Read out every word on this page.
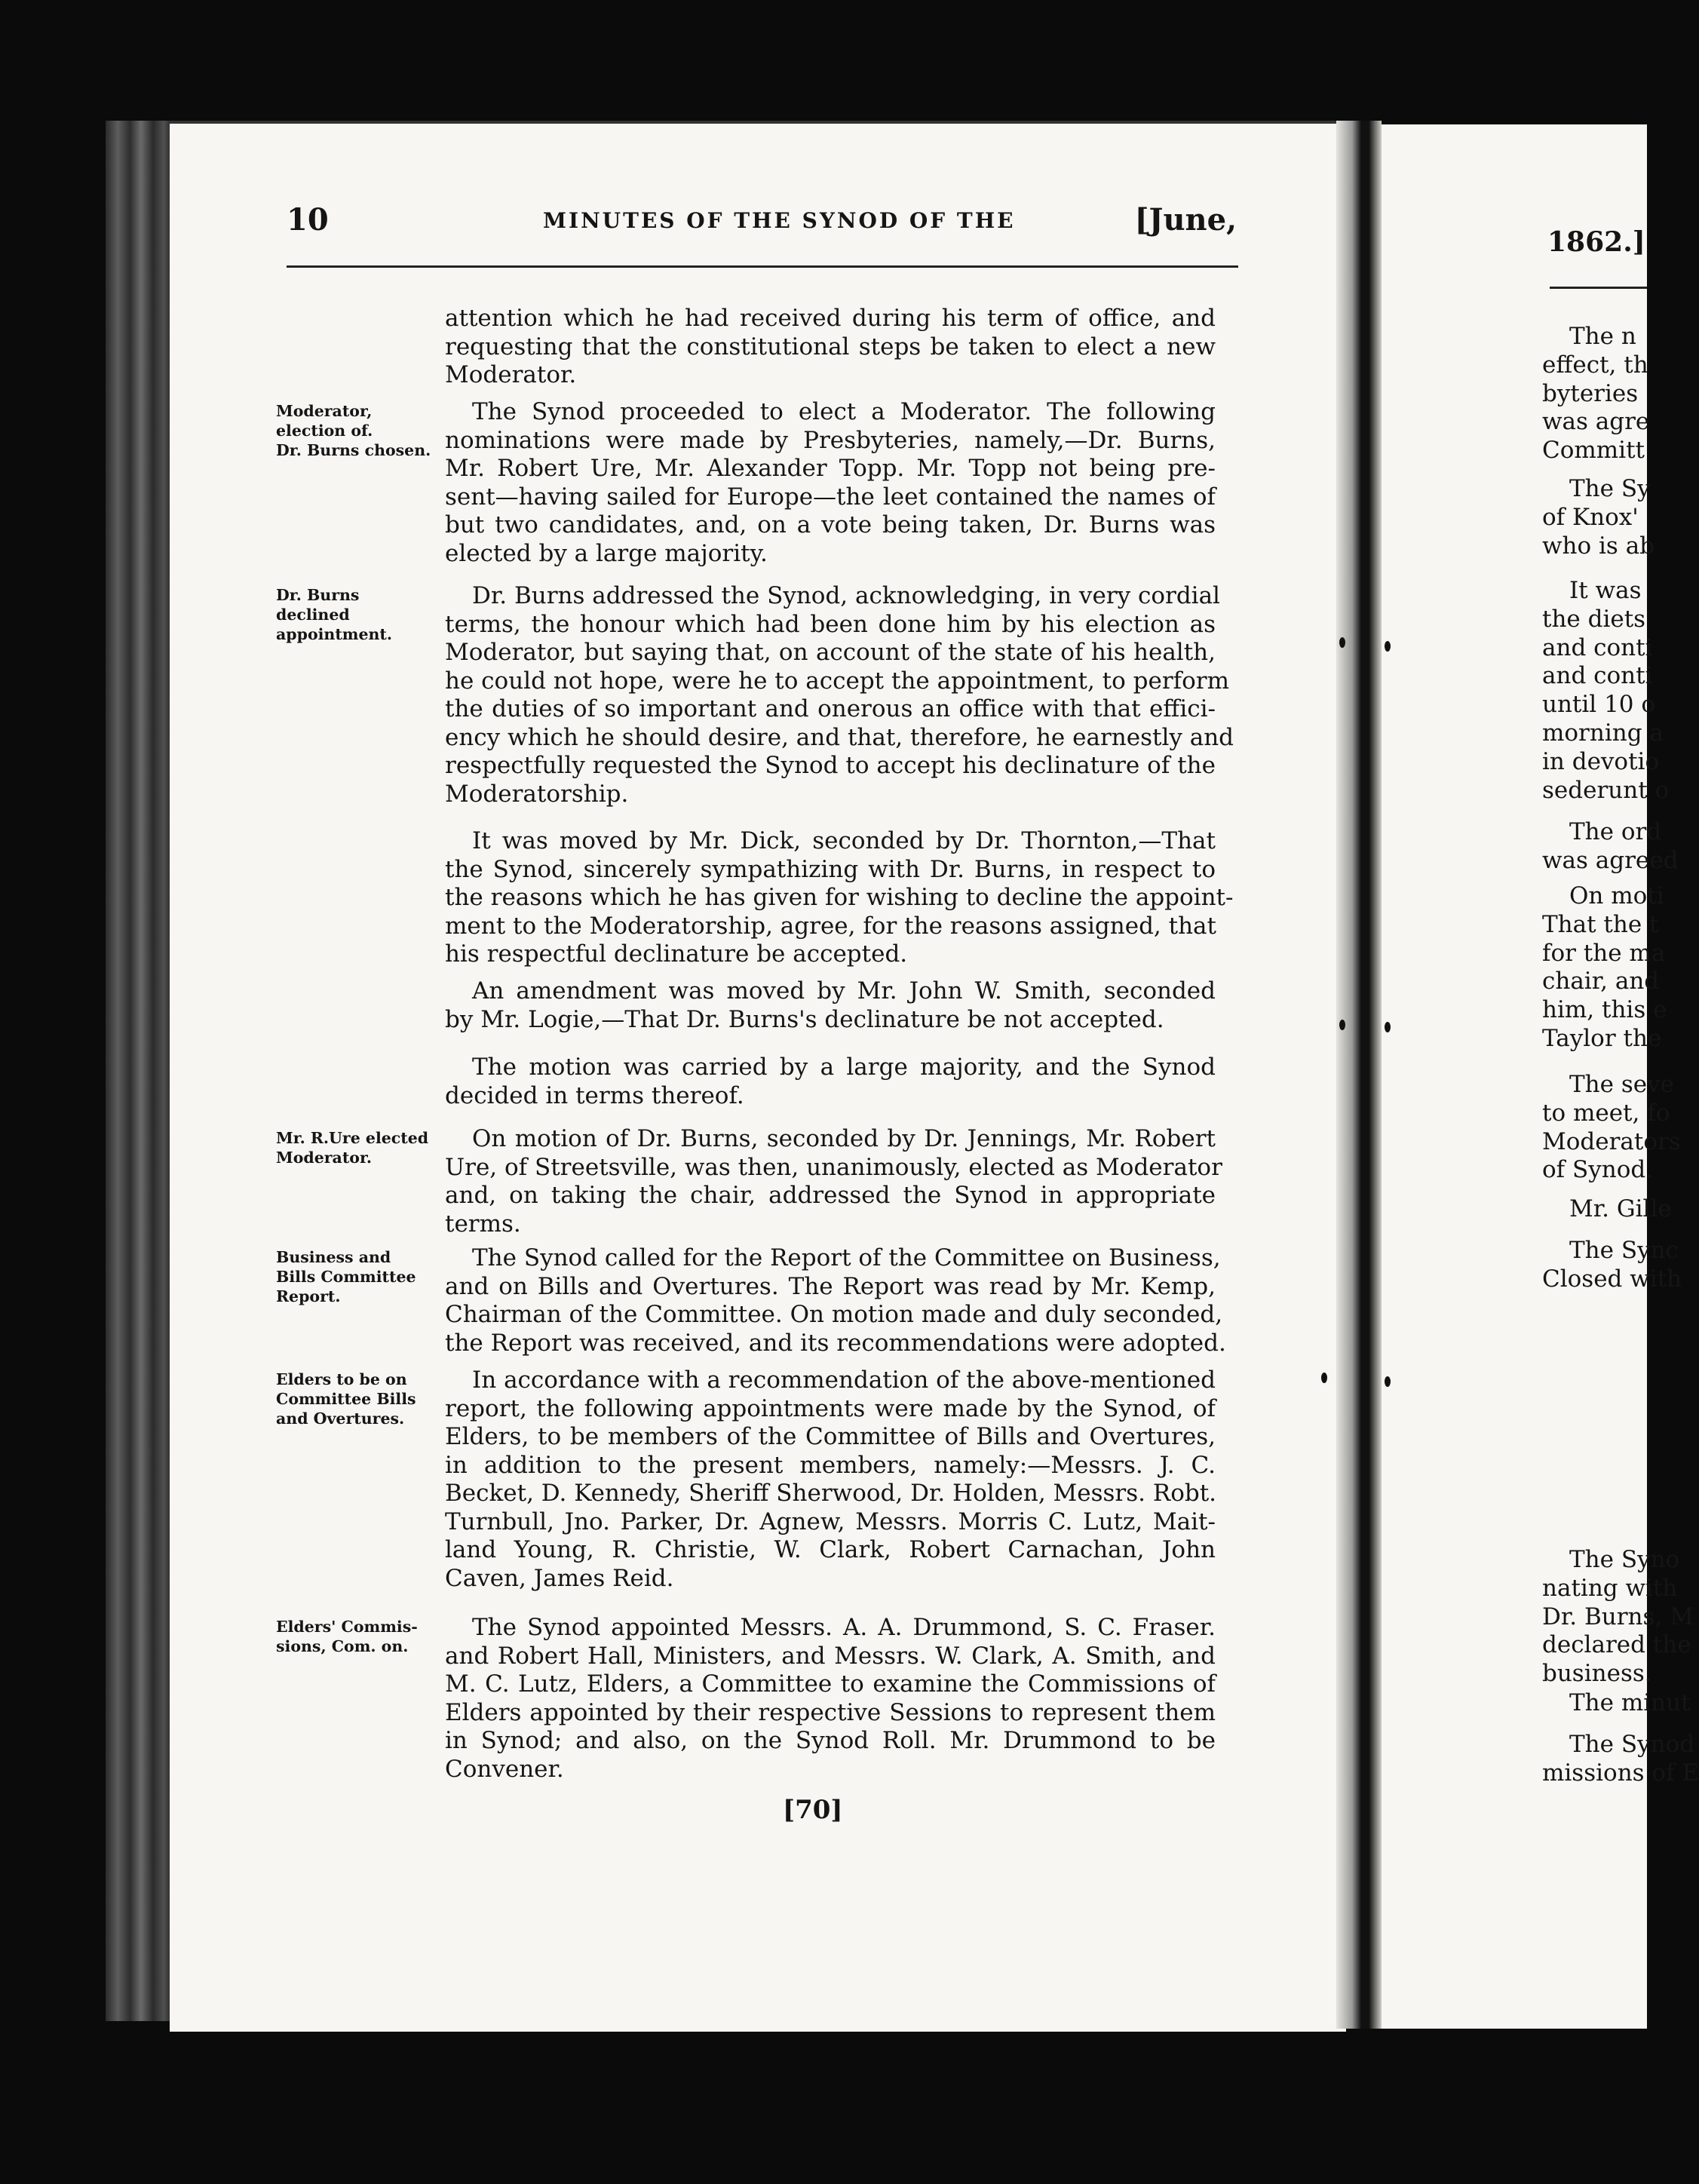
10	MINUTES OF THE SYNOD OF THE	[June,
attention which he had received during his term of office, and
requesting that the constitutional steps be taken to elect a new
Moderator.
Moderator,
election of.
Dr. Burns chosen.
The Synod proceeded to elect a Moderator. The following
nominations were made by Presbyteries, namely,—Dr. Burns,
Mr. Robert Ure, Mr. Alexander Topp. Mr. Topp not being pre-
sent—having sailed for Europe—the leet contained the names of
but two candidates, and, on a vote being taken, Dr. Burns was
elected by a large majority.
Dr. Burns
declined
appointment.
Dr. Burns addressed the Synod, acknowledging, in very cordial
terms, the honour which had been done him by his election as
Moderator, but saying that, on account of the state of his health,
he could not hope, were he to accept the appointment, to perform
the duties of so important and onerous an office with that effici-
ency which he should desire, and that, therefore, he earnestly and
respectfully requested the Synod to accept his declinature of the
Moderatorship.
It was moved by Mr. Dick, seconded by Dr. Thornton,—That
the Synod, sincerely sympathizing with Dr. Burns, in respect to
the reasons which he has given for wishing to decline the appoint-
ment to the Moderatorship, agree, for the reasons assigned, that
his respectful declinature be accepted.
An amendment was moved by Mr. John W. Smith, seconded
by Mr. Logie,—That Dr. Burns's declinature be not accepted.
The motion was carried by a large majority, and the Synod
decided in terms thereof.
Mr. R.Ure elected
Moderator.
On motion of Dr. Burns, seconded by Dr. Jennings, Mr. Robert
Ure, of Streetsville, was then, unanimously, elected as Moderator
and, on taking the chair, addressed the Synod in appropriate
terms.
Business and
Bills Committee
Report.
The Synod called for the Report of the Committee on Business,
and on Bills and Overtures. The Report was read by Mr. Kemp,
Chairman of the Committee. On motion made and duly seconded,
the Report was received, and its recommendations were adopted.
Elders to be on
Committee Bills
and Overtures.
In accordance with a recommendation of the above-mentioned
report, the following appointments were made by the Synod, of
Elders, to be members of the Committee of Bills and Overtures,
in addition to the present members, namely:—Messrs. J. C.
Becket, D. Kennedy, Sheriff Sherwood, Dr. Holden, Messrs. Robt.
Turnbull, Jno. Parker, Dr. Agnew, Messrs. Morris C. Lutz, Mait-
land Young, R. Christie, W. Clark, Robert Carnachan, John
Caven, James Reid.
Elders' Commis-
sions, Com. on.
The Synod appointed Messrs. A. A. Drummond, S. C. Fraser.
and Robert Hall, Ministers, and Messrs. W. Clark, A. Smith, and
M. C. Lutz, Elders, a Committee to examine the Commissions of
Elders appointed by their respective Sessions to represent them
in Synod; and also, on the Synod Roll. Mr. Drummond to be
Convener.
[70]
1862.]
The n
effect, th
byteries
was agre
Committ
The Sy
of Knox'
who is ab
It was
the diets
and conti
and conti
until 10 o
morning a
in devotio
sederunt o
The ord
was agreed
On moti
That the t
for the ma
chair, and
him, this e
Taylor the
The seve
to meet, fo
Moderators
of Synod.
Mr. Gille
The Sync
Closed with
The Syno
nating with
Dr. Burns, M
declared the
business.
The minut
The Synod
missions of E
